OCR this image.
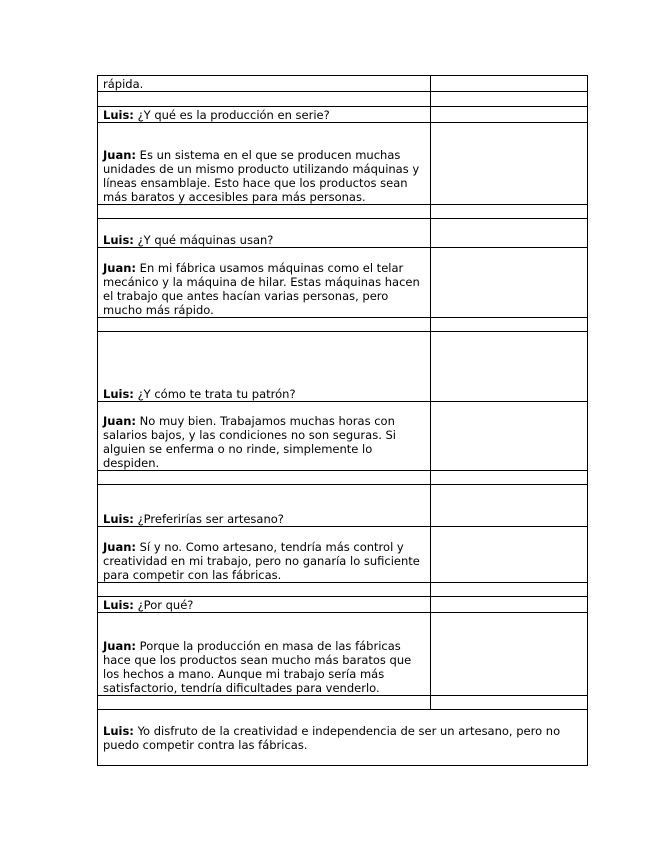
rápida.	

Luis: ¿Y qué es la producción en serie?	
Juan: Es un sistema en el que se producen muchas unidades de un mismo producto utilizando máquinas y líneas ensamblaje. Esto hace que los productos sean más baratos y accesibles para más personas.	

Luis: ¿Y qué máquinas usan?	
Juan: En mi fábrica usamos máquinas como el telar mecánico y la máquina de hilar. Estas máquinas hacen el trabajo que antes hacían varias personas, pero mucho más rápido.	

Luis: ¿Y cómo te trata tu patrón?	
Juan: No muy bien. Trabajamos muchas horas con salarios bajos, y las condiciones no son seguras. Si alguien se enferma o no rinde, simplemente lo despiden.	

Luis: ¿Preferirías ser artesano?	
Juan: Sí y no. Como artesano, tendría más control y creatividad en mi trabajo, pero no ganaría lo suficiente para competir con las fábricas.	

Luis: ¿Por qué?	
Juan: Porque la producción en masa de las fábricas hace que los productos sean mucho más baratos que los hechos a mano. Aunque mi trabajo sería más satisfactorio, tendría dificultades para venderlo.	

Luis: Yo disfruto de la creatividad e independencia de ser un artesano, pero no puedo competir contra las fábricas.	
